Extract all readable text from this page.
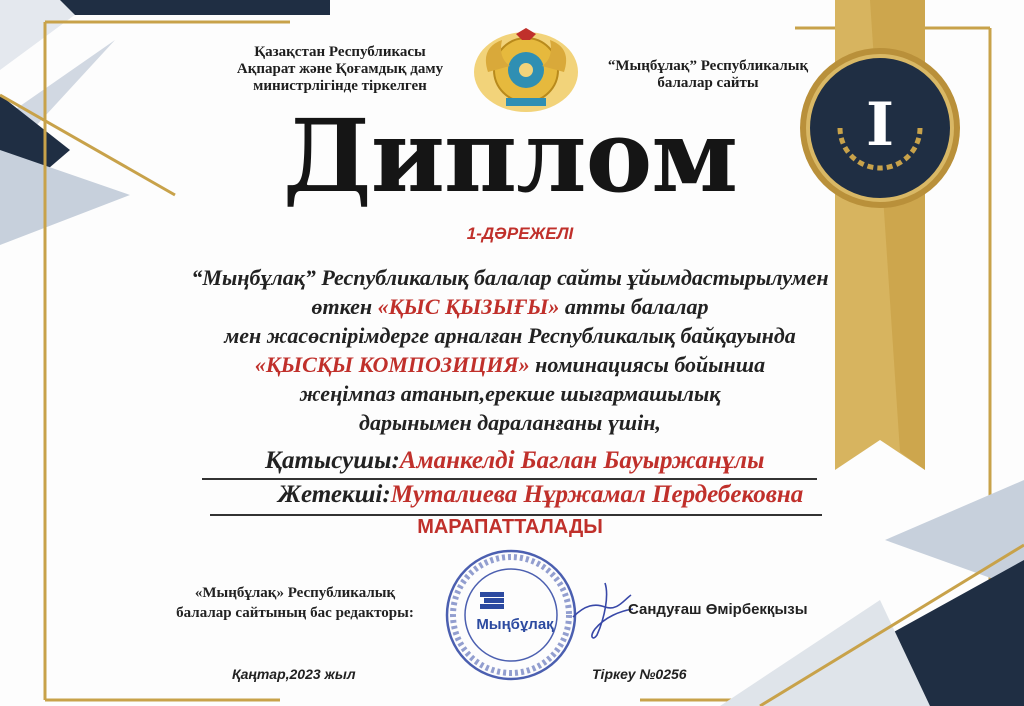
I
Қазақстан Республикасы
Ақпарат және Қоғамдық даму
министрлігінде тіркелген
“Мыңбұлақ” Республикалық
балалар сайты
Диплом
1-ДӘРЕЖЕЛІ
“Мыңбұлақ” Республикалық балалар сайты ұйымдастырылумен
өткен «ҚЫС ҚЫЗЫҒЫ» атты балалар
мен жасөспірімдерге арналған Республикалық байқауында
«ҚЫСҚЫ КОМПОЗИЦИЯ» номинациясы бойынша
жеңімпаз атанып,ерекше шығармашылық
дарынымен дараланғаны үшін,
Қатысушы:Аманкелді Баглан Бауыржанұлы
Жетекші:Муталиева Нұржамал Пердебековна
МАРАПАТТАЛАДЫ
«Мыңбұлақ» Республикалық
балалар сайтының бас редакторы:
Мыңбұлақ
Сандуғаш Өмірбекқызы
Қаңтар,2023 жыл	Тіркеу №0256
